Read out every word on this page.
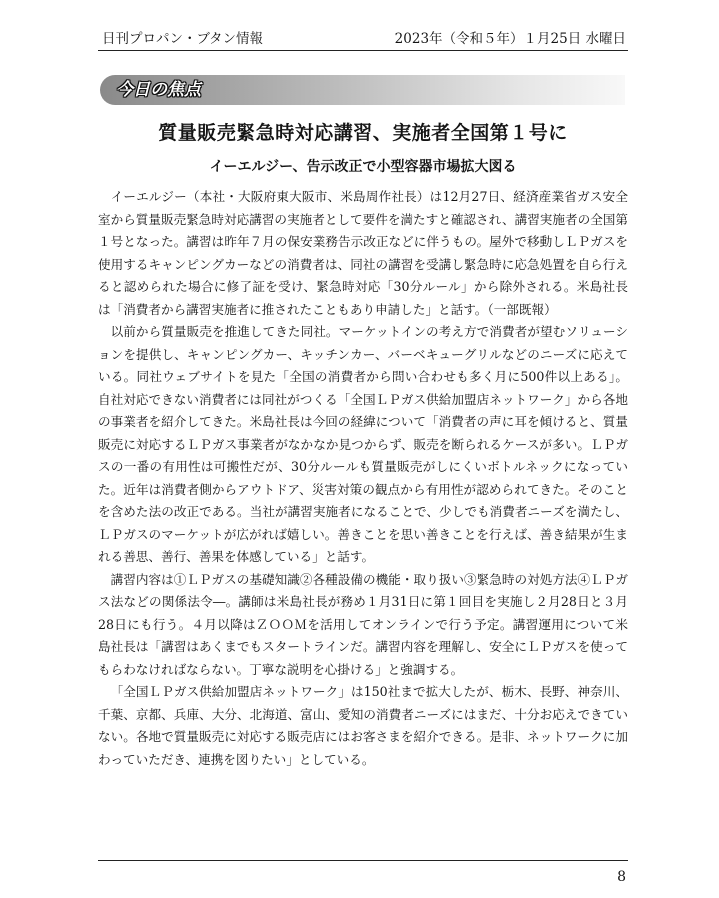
日刊プロパン・ブタン情報	2023年（令和５年）１月25日 水曜日
今日の焦点
質量販売緊急時対応講習、実施者全国第１号に
イーエルジー、告示改正で小型容器市場拡大図る

イーエルジー（本社・大阪府東大阪市、米島周作社長）は12月27日、経済産業省ガス安全室から質量販売緊急時対応講習の実施者として要件を満たすと確認され、講習実施者の全国第１号となった。講習は昨年７月の保安業務告示改正などに伴うもの。屋外で移動しＬＰガスを使用するキャンピングカーなどの消費者は、同社の講習を受講し緊急時に応急処置を自ら行えると認められた場合に修了証を受け、緊急時対応「30分ルール」から除外される。米島社長は「消費者から講習実施者に推されたこともあり申請した」と話す。（一部既報）

以前から質量販売を推進してきた同社。マーケットインの考え方で消費者が望むソリューションを提供し、キャンピングカー、キッチンカー、バーベキューグリルなどのニーズに応えている。同社ウェブサイトを見た「全国の消費者から問い合わせも多く月に500件以上ある」。自社対応できない消費者には同社がつくる「全国ＬＰガス供給加盟店ネットワーク」から各地の事業者を紹介してきた。米島社長は今回の経緯について「消費者の声に耳を傾けると、質量販売に対応するＬＰガス事業者がなかなか見つからず、販売を断られるケースが多い。ＬＰガスの一番の有用性は可搬性だが、30分ルールも質量販売がしにくいボトルネックになっていた。近年は消費者側からアウトドア、災害対策の観点から有用性が認められてきた。そのことを含めた法の改正である。当社が講習実施者になることで、少しでも消費者ニーズを満たし、ＬＰガスのマーケットが広がれば嬉しい。善きことを思い善きことを行えば、善き結果が生まれる善思、善行、善果を体感している」と話す。

講習内容は①ＬＰガスの基礎知識②各種設備の機能・取り扱い③緊急時の対処方法④ＬＰガス法などの関係法令―。講師は米島社長が務め１月31日に第１回目を実施し２月28日と３月28日にも行う。４月以降はＺＯＯＭを活用してオンラインで行う予定。講習運用について米島社長は「講習はあくまでもスタートラインだ。講習内容を理解し、安全にＬＰガスを使ってもらわなければならない。丁寧な説明を心掛ける」と強調する。

「全国ＬＰガス供給加盟店ネットワーク」は150社まで拡大したが、栃木、長野、神奈川、千葉、京都、兵庫、大分、北海道、富山、愛知の消費者ニーズにはまだ、十分お応えできていない。各地で質量販売に対応する販売店にはお客さまを紹介できる。是非、ネットワークに加わっていただき、連携を図りたい」としている。

8
